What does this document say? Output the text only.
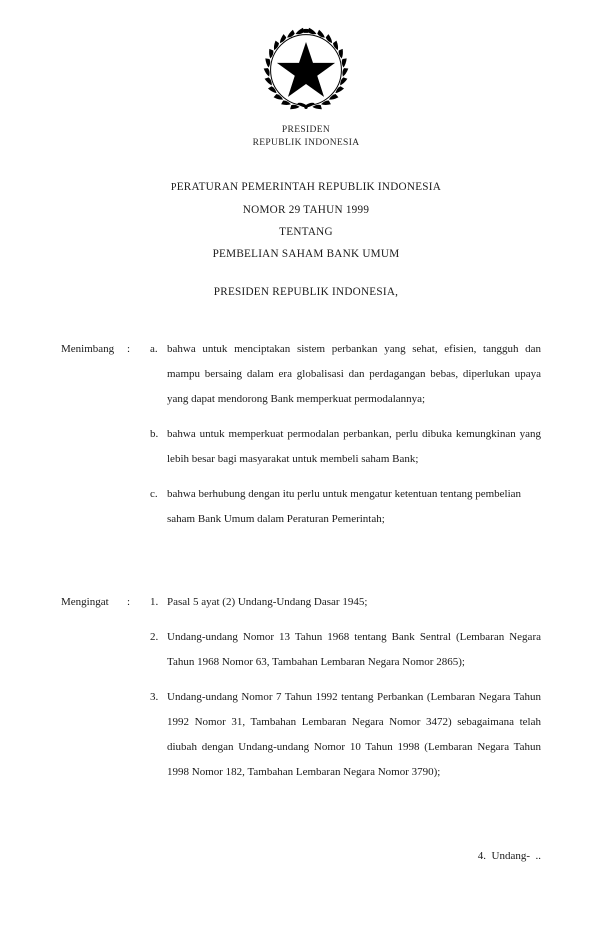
PRESIDEN
REPUBLIK INDONESIA
PERATURAN PEMERINTAH REPUBLIK INDONESIA
NOMOR 29 TAHUN 1999
TENTANG
PEMBELIAN SAHAM BANK UMUM
PRESIDEN REPUBLIK INDONESIA,
Menimbang	:	a. bahwa untuk menciptakan sistem perbankan yang sehat, efisien, tangguh dan mampu bersaing dalam era globalisasi dan perdagangan bebas, diperlukan upaya yang dapat mendorong Bank memperkuat permodalannya;
b. bahwa untuk memperkuat permodalan perbankan, perlu dibuka kemungkinan yang lebih besar bagi masyarakat untuk membeli saham Bank;
c. bahwa berhubung dengan itu perlu untuk mengatur ketentuan tentang pembelian saham Bank Umum dalam Peraturan Pemerintah;
Mengingat	:	1. Pasal 5 ayat (2) Undang-Undang Dasar 1945;
2. Undang-undang Nomor 13 Tahun 1968 tentang Bank Sentral (Lembaran Negara Tahun 1968 Nomor 63, Tambahan Lembaran Negara Nomor 2865);
3. Undang-undang Nomor 7 Tahun 1992 tentang Perbankan (Lembaran Negara Tahun 1992 Nomor 31, Tambahan Lembaran Negara Nomor 3472) sebagaimana telah diubah dengan Undang-undang Nomor 10 Tahun 1998 (Lembaran Negara Tahun 1998 Nomor 182, Tambahan Lembaran Negara Nomor 3790);
4.  Undang-  ..
